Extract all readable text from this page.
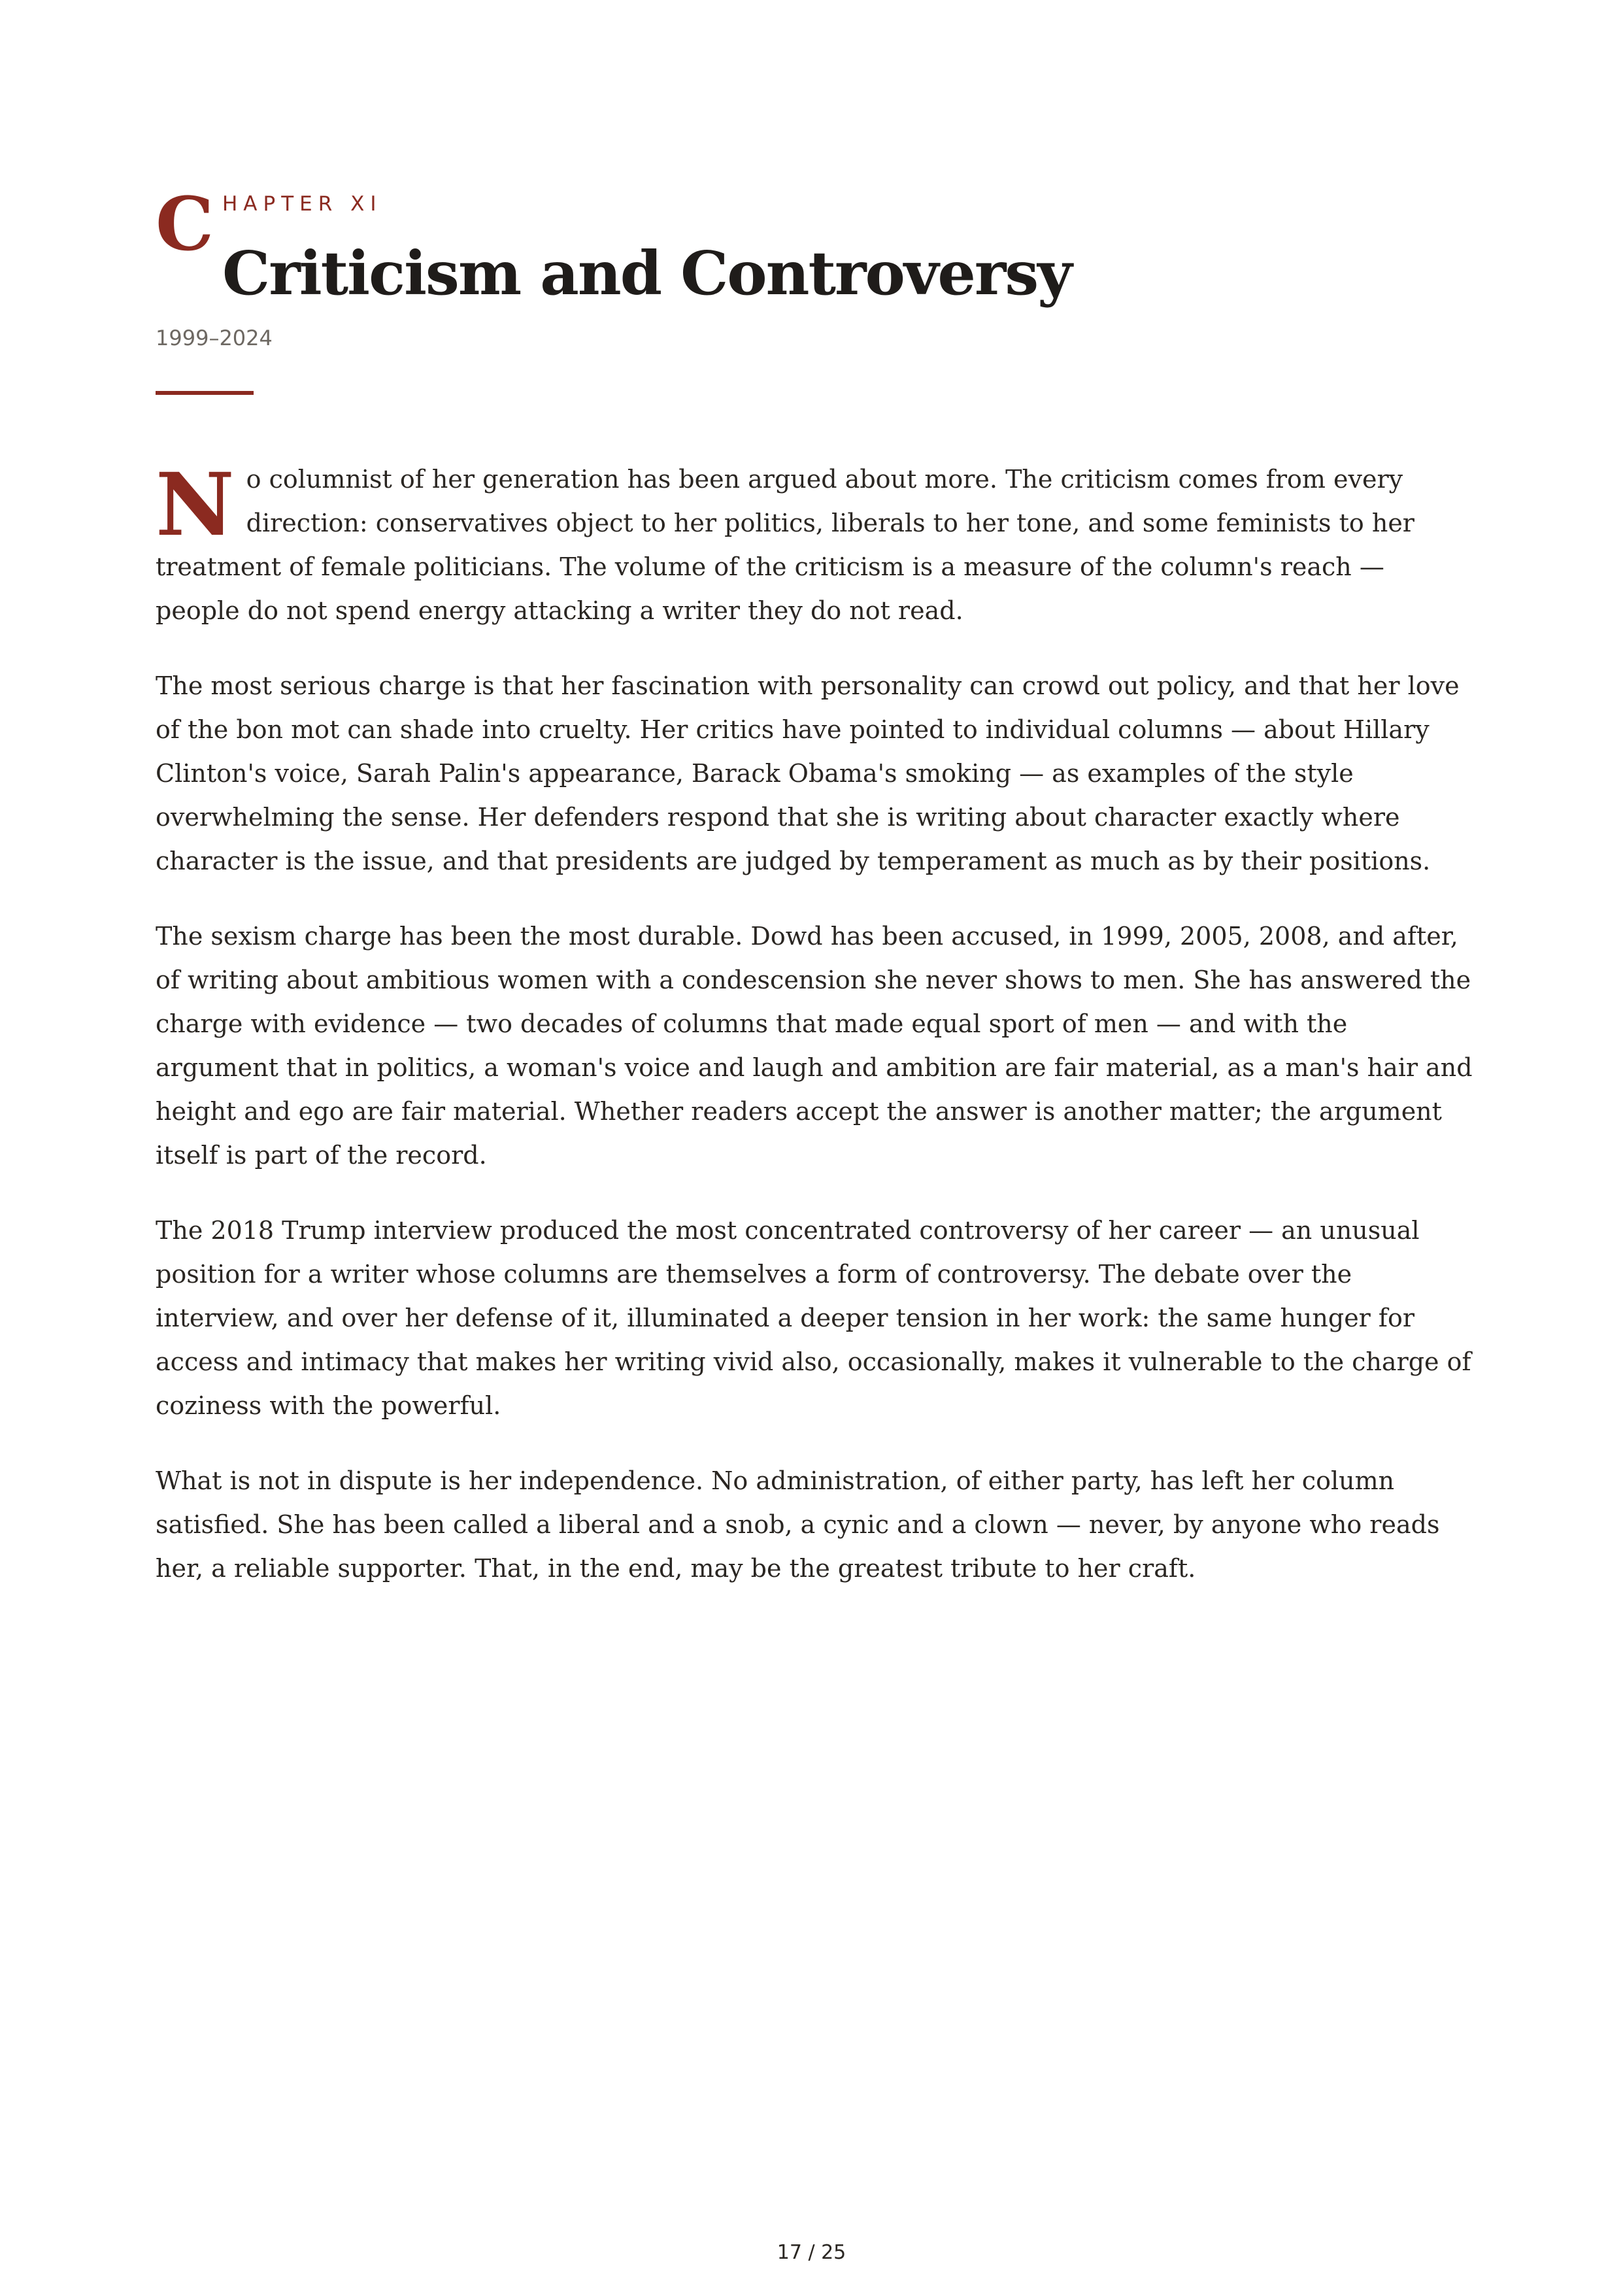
C HAPTER XI
Criticism and Controversy
1999–2024

N o columnist of her generation has been argued about more. The criticism comes from every direction: conservatives object to her politics, liberals to her tone, and some feminists to her treatment of female politicians. The volume of the criticism is a measure of the column's reach — people do not spend energy attacking a writer they do not read.

The most serious charge is that her fascination with personality can crowd out policy, and that her love of the bon mot can shade into cruelty. Her critics have pointed to individual columns — about Hillary Clinton's voice, Sarah Palin's appearance, Barack Obama's smoking — as examples of the style overwhelming the sense. Her defenders respond that she is writing about character exactly where character is the issue, and that presidents are judged by temperament as much as by their positions.

The sexism charge has been the most durable. Dowd has been accused, in 1999, 2005, 2008, and after, of writing about ambitious women with a condescension she never shows to men. She has answered the charge with evidence — two decades of columns that made equal sport of men — and with the argument that in politics, a woman's voice and laugh and ambition are fair material, as a man's hair and height and ego are fair material. Whether readers accept the answer is another matter; the argument itself is part of the record.

The 2018 Trump interview produced the most concentrated controversy of her career — an unusual position for a writer whose columns are themselves a form of controversy. The debate over the interview, and over her defense of it, illuminated a deeper tension in her work: the same hunger for access and intimacy that makes her writing vivid also, occasionally, makes it vulnerable to the charge of coziness with the powerful.

What is not in dispute is her independence. No administration, of either party, has left her column satisfied. She has been called a liberal and a snob, a cynic and a clown — never, by anyone who reads her, a reliable supporter. That, in the end, may be the greatest tribute to her craft.

17 / 25
